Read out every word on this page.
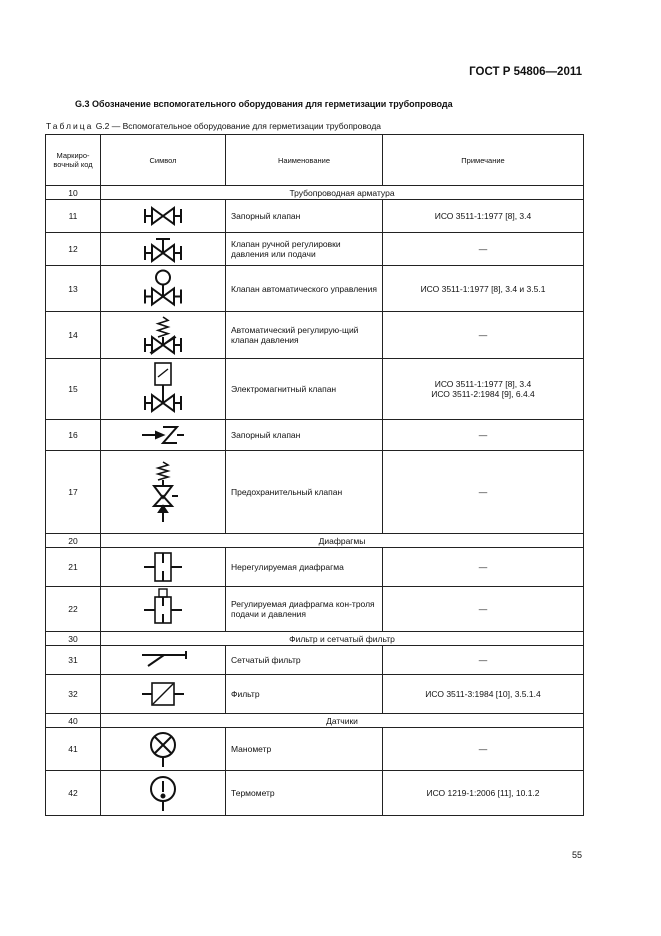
ГОСТ Р 54806—2011
G.3 Обозначение вспомогательного оборудования для герметизации трубопровода
Таблица G.2 — Вспомогательное оборудование для герметизации трубопровода
Маркиро-вочный код	Символ	Наименование	Примечание
10	Трубопроводная арматура		
11		Запорный клапан	ИСО 3511-1:1977 [8], 3.4
12		Клапан ручной регулировки давления или подачи	—
13		Клапан автоматического управления	ИСО 3511-1:1977 [8], 3.4 и 3.5.1
14		Автоматический регулирую-щий клапан давления	—
15		Электромагнитный клапан	ИСО 3511-1:1977 [8], 3.4
ИСО 3511-2:1984 [9], 6.4.4
16		Запорный клапан	—
17		Предохранительный клапан	—
20	Диафрагмы		
21		Нерегулируемая диафрагма	—
22		Регулируемая диафрагма кон-троля подачи и давления	—
30	Фильтр и сетчатый фильтр		
31		Сетчатый фильтр	—
32		Фильтр	ИСО 3511-3:1984 [10], 3.5.1.4
40	Датчики		
41		Манометр	—
42		Термометр	ИСО 1219-1:2006 [11], 10.1.2
55
